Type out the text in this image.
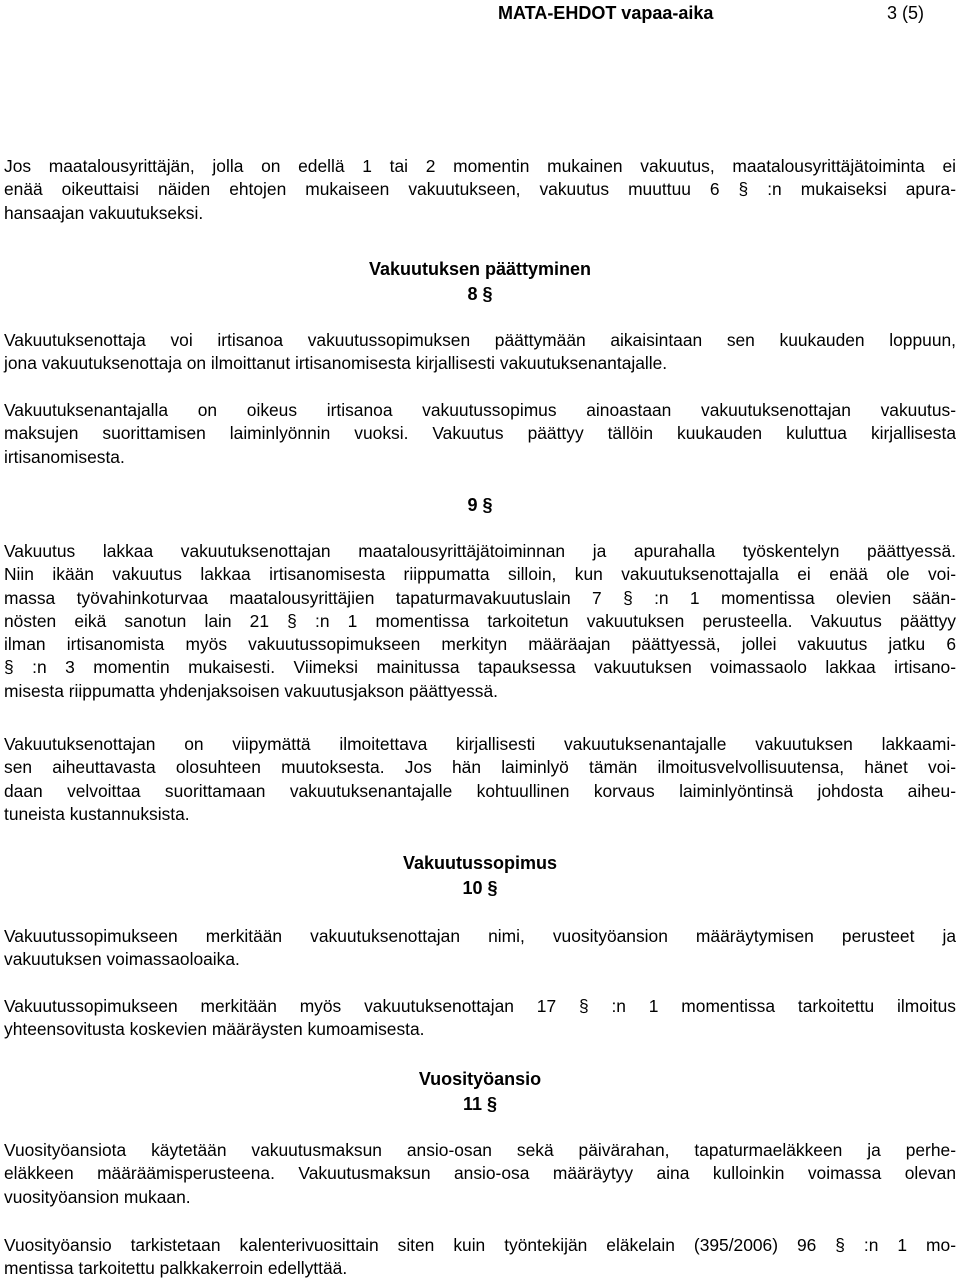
MATA-EHDOT vapaa-aika	3 (5)
Jos maatalousyrittäjän, jolla on edellä 1 tai 2 momentin mukainen vakuutus, maatalousyrittäjätoiminta ei
enää oikeuttaisi näiden ehtojen mukaiseen vakuutukseen, vakuutus muuttuu 6 § :n mukaiseksi apura-
hansaajan vakuutukseksi.
Vakuutuksen päättyminen
8 §
Vakuutuksenottaja voi irtisanoa vakuutussopimuksen päättymään aikaisintaan sen kuukauden loppuun,
jona vakuutuksenottaja on ilmoittanut irtisanomisesta kirjallisesti vakuutuksenantajalle.
Vakuutuksenantajalla on oikeus irtisanoa vakuutussopimus ainoastaan vakuutuksenottajan vakuutus-
maksujen suorittamisen laiminlyönnin vuoksi. Vakuutus päättyy tällöin kuukauden kuluttua kirjallisesta
irtisanomisesta.
9 §
Vakuutus lakkaa vakuutuksenottajan maatalousyrittäjätoiminnan ja apurahalla työskentelyn päättyessä.
Niin ikään vakuutus lakkaa irtisanomisesta riippumatta silloin, kun vakuutuksenottajalla ei enää ole voi-
massa työvahinkoturvaa maatalousyrittäjien tapaturmavakuutuslain 7 § :n 1 momentissa olevien sään-
nösten eikä sanotun lain 21 § :n 1 momentissa tarkoitetun vakuutuksen perusteella. Vakuutus päättyy
ilman irtisanomista myös vakuutussopimukseen merkityn määräajan päättyessä, jollei vakuutus jatku 6
§ :n 3 momentin mukaisesti. Viimeksi mainitussa tapauksessa vakuutuksen voimassaolo lakkaa irtisano-
misesta riippumatta yhdenjaksoisen vakuutusjakson päättyessä.
Vakuutuksenottajan on viipymättä ilmoitettava kirjallisesti vakuutuksenantajalle vakuutuksen lakkaami-
sen aiheuttavasta olosuhteen muutoksesta. Jos hän laiminlyö tämän ilmoitusvelvollisuutensa, hänet voi-
daan velvoittaa suorittamaan vakuutuksenantajalle kohtuullinen korvaus laiminlyöntinsä johdosta aiheu-
tuneista kustannuksista.
Vakuutussopimus
10 §
Vakuutussopimukseen merkitään vakuutuksenottajan nimi, vuosityöansion määräytymisen perusteet ja
vakuutuksen voimassaoloaika.
Vakuutussopimukseen merkitään myös vakuutuksenottajan 17 § :n 1 momentissa tarkoitettu ilmoitus
yhteensovitusta koskevien määräysten kumoamisesta.
Vuosityöansio
11 §
Vuosityöansiota käytetään vakuutusmaksun ansio-osan sekä päivärahan, tapaturmaeläkkeen ja perhe-
eläkkeen määräämisperusteena. Vakuutusmaksun ansio-osa määräytyy aina kulloinkin voimassa olevan
vuosityöansion mukaan.
Vuosityöansio tarkistetaan kalenterivuosittain siten kuin työntekijän eläkelain (395/2006) 96 § :n 1 mo-
mentissa tarkoitettu palkkakerroin edellyttää.
